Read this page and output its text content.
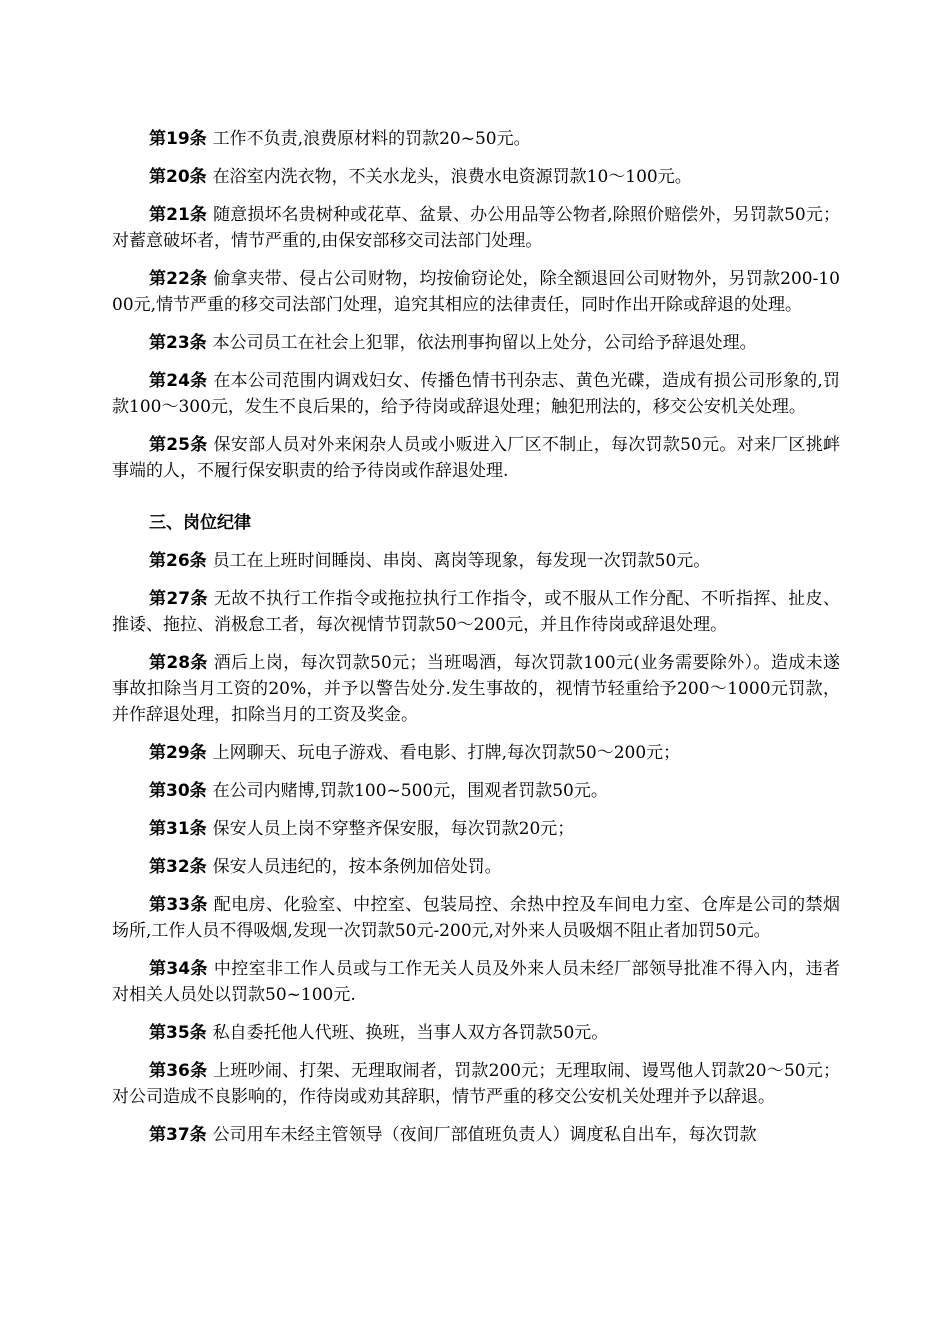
第19条 工作不负责,浪费原材料的罚款20~50元。

第20条 在浴室内洗衣物，不关水龙头，浪费水电资源罚款10～100元。

第21条 随意损坏名贵树种或花草、盆景、办公用品等公物者,除照价赔偿外，另罚款50元；对蓄意破坏者，情节严重的,由保安部移交司法部门处理。

第22条 偷拿夹带、侵占公司财物，均按偷窃论处，除全额退回公司财物外，另罚款200-1000元,情节严重的移交司法部门处理，追究其相应的法律责任，同时作出开除或辞退的处理。

第23条 本公司员工在社会上犯罪，依法刑事拘留以上处分，公司给予辞退处理。

第24条 在本公司范围内调戏妇女、传播色情书刊杂志、黄色光碟，造成有损公司形象的,罚款100～300元，发生不良后果的，给予待岗或辞退处理；触犯刑法的，移交公安机关处理。

第25条 保安部人员对外来闲杂人员或小贩进入厂区不制止，每次罚款50元。对来厂区挑衅事端的人，不履行保安职责的给予待岗或作辞退处理.

三、岗位纪律

第26条 员工在上班时间睡岗、串岗、离岗等现象，每发现一次罚款50元。

第27条 无故不执行工作指令或拖拉执行工作指令，或不服从工作分配、不听指挥、扯皮、推诿、拖拉、消极怠工者，每次视情节罚款50～200元，并且作待岗或辞退处理。

第28条 酒后上岗，每次罚款50元；当班喝酒，每次罚款100元(业务需要除外）。造成未遂事故扣除当月工资的20%，并予以警告处分.发生事故的，视情节轻重给予200～1000元罚款，并作辞退处理，扣除当月的工资及奖金。

第29条 上网聊天、玩电子游戏、看电影、打牌,每次罚款50～200元；

第30条 在公司内赌博,罚款100~500元，围观者罚款50元。

第31条 保安人员上岗不穿整齐保安服，每次罚款20元；

第32条 保安人员违纪的，按本条例加倍处罚。

第33条 配电房、化验室、中控室、包装局控、余热中控及车间电力室、仓库是公司的禁烟场所,工作人员不得吸烟,发现一次罚款50元-200元,对外来人员吸烟不阻止者加罚50元。

第34条 中控室非工作人员或与工作无关人员及外来人员未经厂部领导批准不得入内，违者对相关人员处以罚款50~100元.

第35条 私自委托他人代班、换班，当事人双方各罚款50元。

第36条 上班吵闹、打架、无理取闹者，罚款200元；无理取闹、谩骂他人罚款20～50元；对公司造成不良影响的，作待岗或劝其辞职，情节严重的移交公安机关处理并予以辞退。

第37条 公司用车未经主管领导（夜间厂部值班负责人）调度私自出车，每次罚款
